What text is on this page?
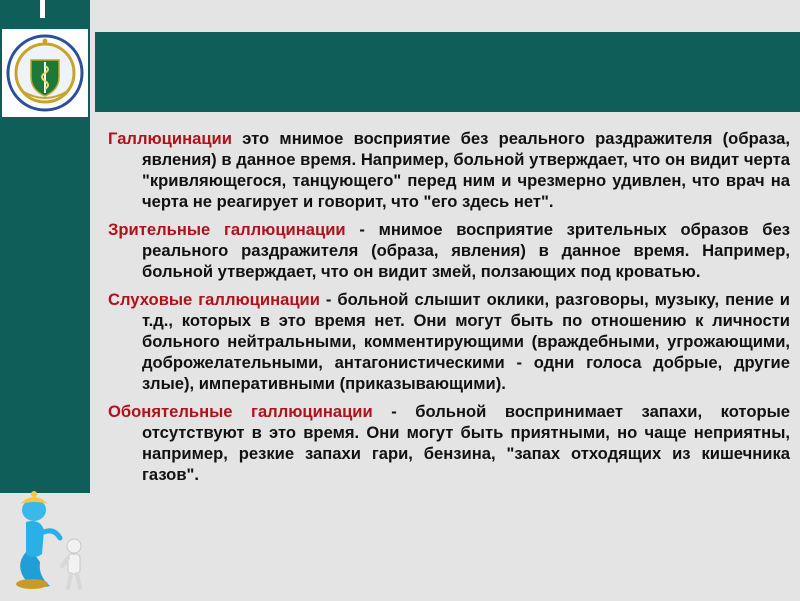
Галлюцинации это мнимое восприятие без реального раздражителя (образа, явления) в данное время. Например, больной утверждает, что он видит черта "кривляющегося, танцующего" перед ним и чрезмерно удивлен, что врач на черта не реагирует и говорит, что "его здесь нет".

Зрительные галлюцинации - мнимое восприятие зрительных образов без реального раздражителя (образа, явления) в данное время. Например, больной утверждает, что он видит змей, ползающих под кроватью.

Слуховые галлюцинации - больной слышит оклики, разговоры, музыку, пение и т.д., которых в это время нет. Они могут быть по отношению к личности больного нейтральными, комментирующими (враждебными, угрожающими, доброжелательными, антагонистическими - одни голоса добрые, другие злые), императивными (приказывающими).

Обонятельные галлюцинации - больной воспринимает запахи, которые отсутствуют в это время. Они могут быть приятными, но чаще неприятны, например, резкие запахи гари, бензина, "запах отходящих из кишечника газов".
